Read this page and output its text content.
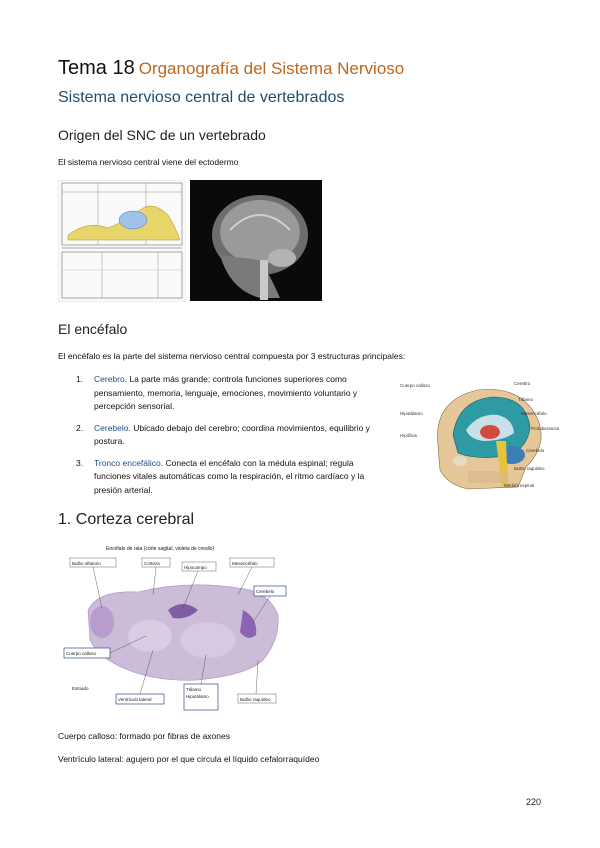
Tema 18 Organografía del Sistema Nervioso
Sistema nervioso central de vertebrados
Origen del SNC de un vertebrado
El sistema nervioso central viene del ectodermo
El encéfalo
El encéfalo es la parte del sistema nervioso central compuesta por 3 estructuras principales:
1. Cerebro. La parte más grande; controla funciones superiores como pensamiento, memoria, lenguaje, emociones, movimiento voluntario y percepción sensorial.
2. Cerebelo. Ubicado debajo del cerebro; coordina movimientos, equilibrio y postura.
3. Tronco encefálico. Conecta el encéfalo con la médula espinal; regula funciones vitales automáticas como la respiración, el ritmo cardíaco y la presión arterial.
Cuerpo calloso
Hipotálamo
Hipófisis
Cerebro
Tálamo
Mesencéfalo
Protuberancia
Cerebelo
Bulbo raquídeo
Médula espinal
1. Corteza cerebral
Encéfalo de rata (corte sagital, violeta de cresilo)
Bulbo olfatorio	Corteza
Hipocampo
Mesencéfalo
Cerebelo
Cuerpo calloso
Estriado
Ventrículo lateral
Tálamo
Hipotálamo
Bulbo raquídeo
Cuerpo calloso: formado por fibras de axones
Ventrículo lateral: agujero por el que circula el líquido cefalorraquídeo
220
